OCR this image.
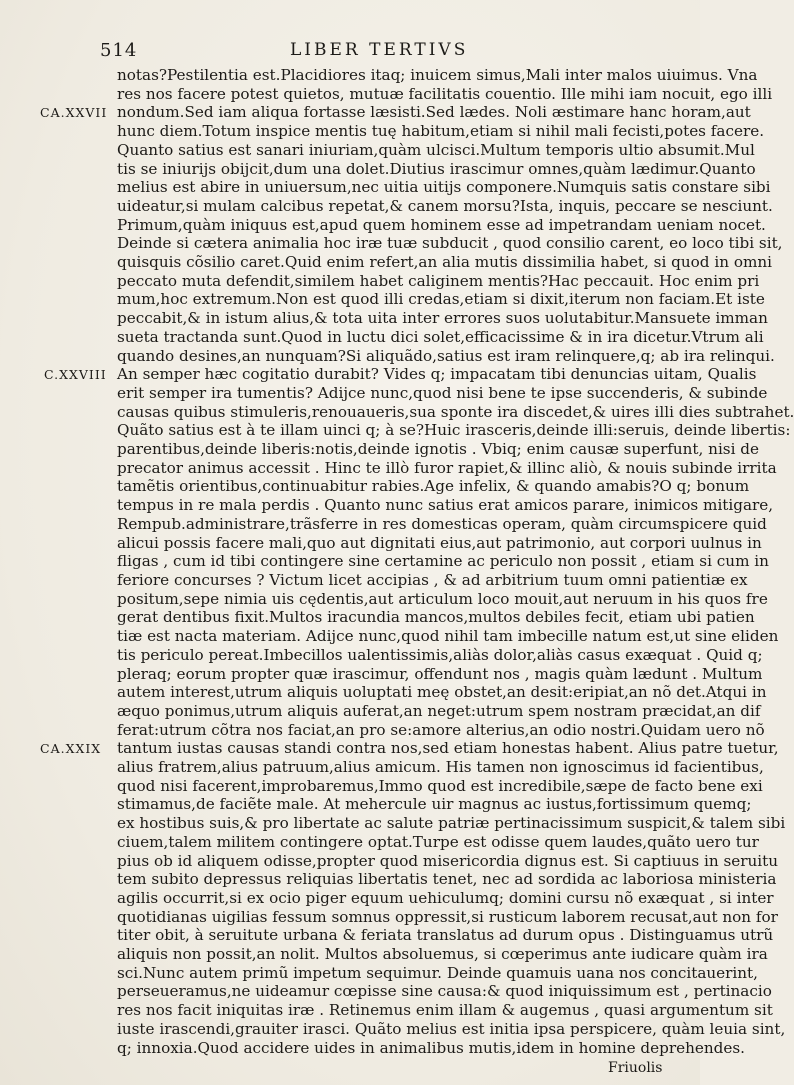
514	LIBER TERTIVS
CA.XXVII
C.XXVIII
CA.XXIX
notas?Pestilentia est.Placidiores itaq; inuicem simus,Mali inter malos uiuimus. Vna
res nos facere potest quietos, mutuæ facilitatis couentio. Ille mihi iam nocuit, ego illi
nondum.Sed iam aliqua fortasse læsisti.Sed lædes. Noli æstimare hanc horam,aut
hunc diem.Totum inspice mentis tuę habitum,etiam si nihil mali fecisti,potes facere.
Quanto satius est sanari iniuriam,quàm ulcisci.Multum temporis ultio absumit.Mul
tis se iniurijs obijcit,dum una dolet.Diutius irascimur omnes,quàm lædimur.Quanto
melius est abire in uniuersum,nec uitia uitijs componere.Numquis satis constare sibi
uideatur,si mulam calcibus repetat,& canem morsu?Ista, inquis, peccare se nesciunt.
Primum,quàm iniquus est,apud quem hominem esse ad impetrandam ueniam nocet.
Deinde si cætera animalia hoc iræ tuæ subducit , quod consilio carent, eo loco tibi sit,
quisquis cõsilio caret.Quid enim refert,an alia mutis dissimilia habet, si quod in omni
peccato muta defendit,similem habet caliginem mentis?Hac peccauit. Hoc enim pri
mum,hoc extremum.Non est quod illi credas,etiam si dixit,iterum non faciam.Et iste
peccabit,& in istum alius,& tota uita inter errores suos uolutabitur.Mansuete imman
sueta tractanda sunt.Quod in luctu dici solet,efficacissime & in ira dicetur.Vtrum ali
quando desines,an nunquam?Si aliquãdo,satius est iram relinquere,q; ab ira relinqui.
An semper hæc cogitatio durabit? Vides q; impacatam tibi denuncias uitam, Qualis
erit semper ira tumentis? Adijce nunc,quod nisi bene te ipse succenderis, & subinde
causas quibus stimuleris,renouaueris,sua sponte ira discedet,& uires illi dies subtrahet.
Quãto satius est à te illam uinci q; à se?Huic irasceris,deinde illi:seruis, deinde libertis:
parentibus,deinde liberis:notis,deinde ignotis . Vbiq; enim causæ superfunt, nisi de
precator animus accessit . Hinc te illò furor rapiet,& illinc aliò, & nouis subinde irrita
tamẽtis orientibus,continuabitur rabies.Age infelix, & quando amabis?O q; bonum
tempus in re mala perdis . Quanto nunc satius erat amicos parare, inimicos mitigare,
Rempub.administrare,trãsferre in res domesticas operam, quàm circumspicere quid
alicui possis facere mali,quo aut dignitati eius,aut patrimonio, aut corpori uulnus in
fligas , cum id tibi contingere sine certamine ac periculo non possit , etiam si cum in
feriore concurses ? Victum licet accipias , & ad arbitrium tuum omni patientiæ ex
positum,sepe nimia uis cędentis,aut articulum loco mouit,aut neruum in his quos fre
gerat dentibus fixit.Multos iracundia mancos,multos debiles fecit, etiam ubi patien
tiæ est nacta materiam. Adijce nunc,quod nihil tam imbecille natum est,ut sine eliden
tis periculo pereat.Imbecillos ualentissimis,aliàs dolor,aliàs casus exæquat . Quid q;
pleraq; eorum propter quæ irascimur, offendunt nos , magis quàm lædunt . Multum
autem interest,utrum aliquis uoluptati meę obstet,an desit:eripiat,an nõ det.Atqui in
æquo ponimus,utrum aliquis auferat,an neget:utrum spem nostram præcidat,an dif
ferat:utrum cõtra nos faciat,an pro se:amore alterius,an odio nostri.Quidam uero nõ
tantum iustas causas standi contra nos,sed etiam honestas habent. Alius patre tuetur,
alius fratrem,alius patruum,alius amicum. His tamen non ignoscimus id facientibus,
quod nisi facerent,improbaremus,Immo quod est incredibile,sæpe de facto bene exi
stimamus,de faciẽte male. At mehercule uir magnus ac iustus,fortissimum quemq;
ex hostibus suis,& pro libertate ac salute patriæ pertinacissimum suspicit,& talem sibi
ciuem,talem militem contingere optat.Turpe est odisse quem laudes,quãto uero tur
pius ob id aliquem odisse,propter quod misericordia dignus est. Si captiuus in seruitu
tem subito depressus reliquias libertatis tenet, nec ad sordida ac laboriosa ministeria
agilis occurrit,si ex ocio piger equum uehiculumq; domini cursu nõ exæquat , si inter
quotidianas uigilias fessum somnus oppressit,si rusticum laborem recusat,aut non for
titer obit, à seruitute urbana & feriata translatus ad durum opus . Distinguamus utrũ
aliquis non possit,an nolit. Multos absoluemus, si cœperimus ante iudicare quàm ira
sci.Nunc autem primũ impetum sequimur. Deinde quamuis uana nos concitauerint,
perseueramus,ne uideamur cœpisse sine causa:& quod iniquissimum est , pertinacio
res nos facit iniquitas iræ . Retinemus enim illam & augemus , quasi argumentum sit
iuste irascendi,grauiter irasci. Quãto melius est initia ipsa perspicere, quàm leuia sint,
q; innoxia.Quod accidere uides in animalibus mutis,idem in homine deprehendes.
Friuolis
